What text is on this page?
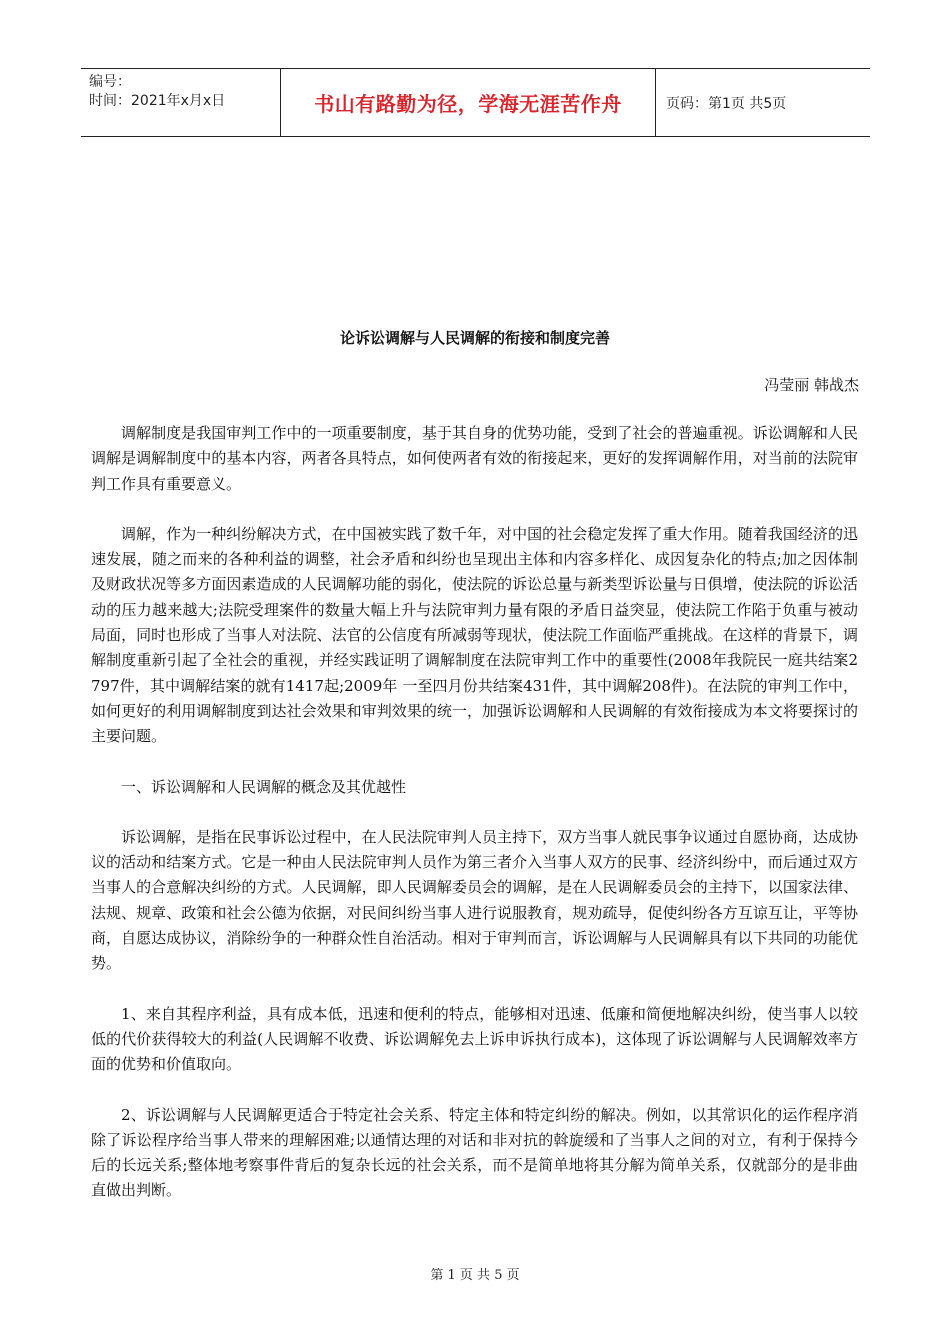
编号：
时间：2021年x月x日	书山有路勤为径，学海无涯苦作舟	页码：第1页 共5页
论诉讼调解与人民调解的衔接和制度完善
冯莹丽 韩战杰

调解制度是我国审判工作中的一项重要制度，基于其自身的优势功能，受到了社会的普遍重视。诉讼调解和人民调解是调解制度中的基本内容，两者各具特点，如何使两者有效的衔接起来，更好的发挥调解作用，对当前的法院审判工作具有重要意义。

调解，作为一种纠纷解决方式，在中国被实践了数千年，对中国的社会稳定发挥了重大作用。随着我国经济的迅速发展，随之而来的各种利益的调整，社会矛盾和纠纷也呈现出主体和内容多样化、成因复杂化的特点;加之因体制及财政状况等多方面因素造成的人民调解功能的弱化，使法院的诉讼总量与新类型诉讼量与日俱增，使法院的诉讼活动的压力越来越大;法院受理案件的数量大幅上升与法院审判力量有限的矛盾日益突显，使法院工作陷于负重与被动局面，同时也形成了当事人对法院、法官的公信度有所减弱等现状，使法院工作面临严重挑战。在这样的背景下，调解制度重新引起了全社会的重视，并经实践证明了调解制度在法院审判工作中的重要性(2008年我院民一庭共结案2797件，其中调解结案的就有1417起;2009年 一至四月份共结案431件，其中调解208件)。在法院的审判工作中，如何更好的利用调解制度到达社会效果和审判效果的统一，加强诉讼调解和人民调解的有效衔接成为本文将要探讨的主要问题。

一、诉讼调解和人民调解的概念及其优越性

诉讼调解，是指在民事诉讼过程中，在人民法院审判人员主持下，双方当事人就民事争议通过自愿协商，达成协议的活动和结案方式。它是一种由人民法院审判人员作为第三者介入当事人双方的民事、经济纠纷中，而后通过双方当事人的合意解决纠纷的方式。人民调解，即人民调解委员会的调解，是在人民调解委员会的主持下，以国家法律、法规、规章、政策和社会公德为依据，对民间纠纷当事人进行说服教育，规劝疏导，促使纠纷各方互谅互让，平等协商，自愿达成协议，消除纷争的一种群众性自治活动。相对于审判而言，诉讼调解与人民调解具有以下共同的功能优势。

1、来自其程序利益，具有成本低，迅速和便利的特点，能够相对迅速、低廉和简便地解决纠纷，使当事人以较低的代价获得较大的利益(人民调解不收费、诉讼调解免去上诉申诉执行成本)，这体现了诉讼调解与人民调解效率方面的优势和价值取向。

2、诉讼调解与人民调解更适合于特定社会关系、特定主体和特定纠纷的解决。例如，以其常识化的运作程序消除了诉讼程序给当事人带来的理解困难;以通情达理的对话和非对抗的斡旋缓和了当事人之间的对立，有利于保持今后的长远关系;整体地考察事件背后的复杂长远的社会关系，而不是简单地将其分解为简单关系，仅就部分的是非曲直做出判断。

第 1 页 共 5 页
